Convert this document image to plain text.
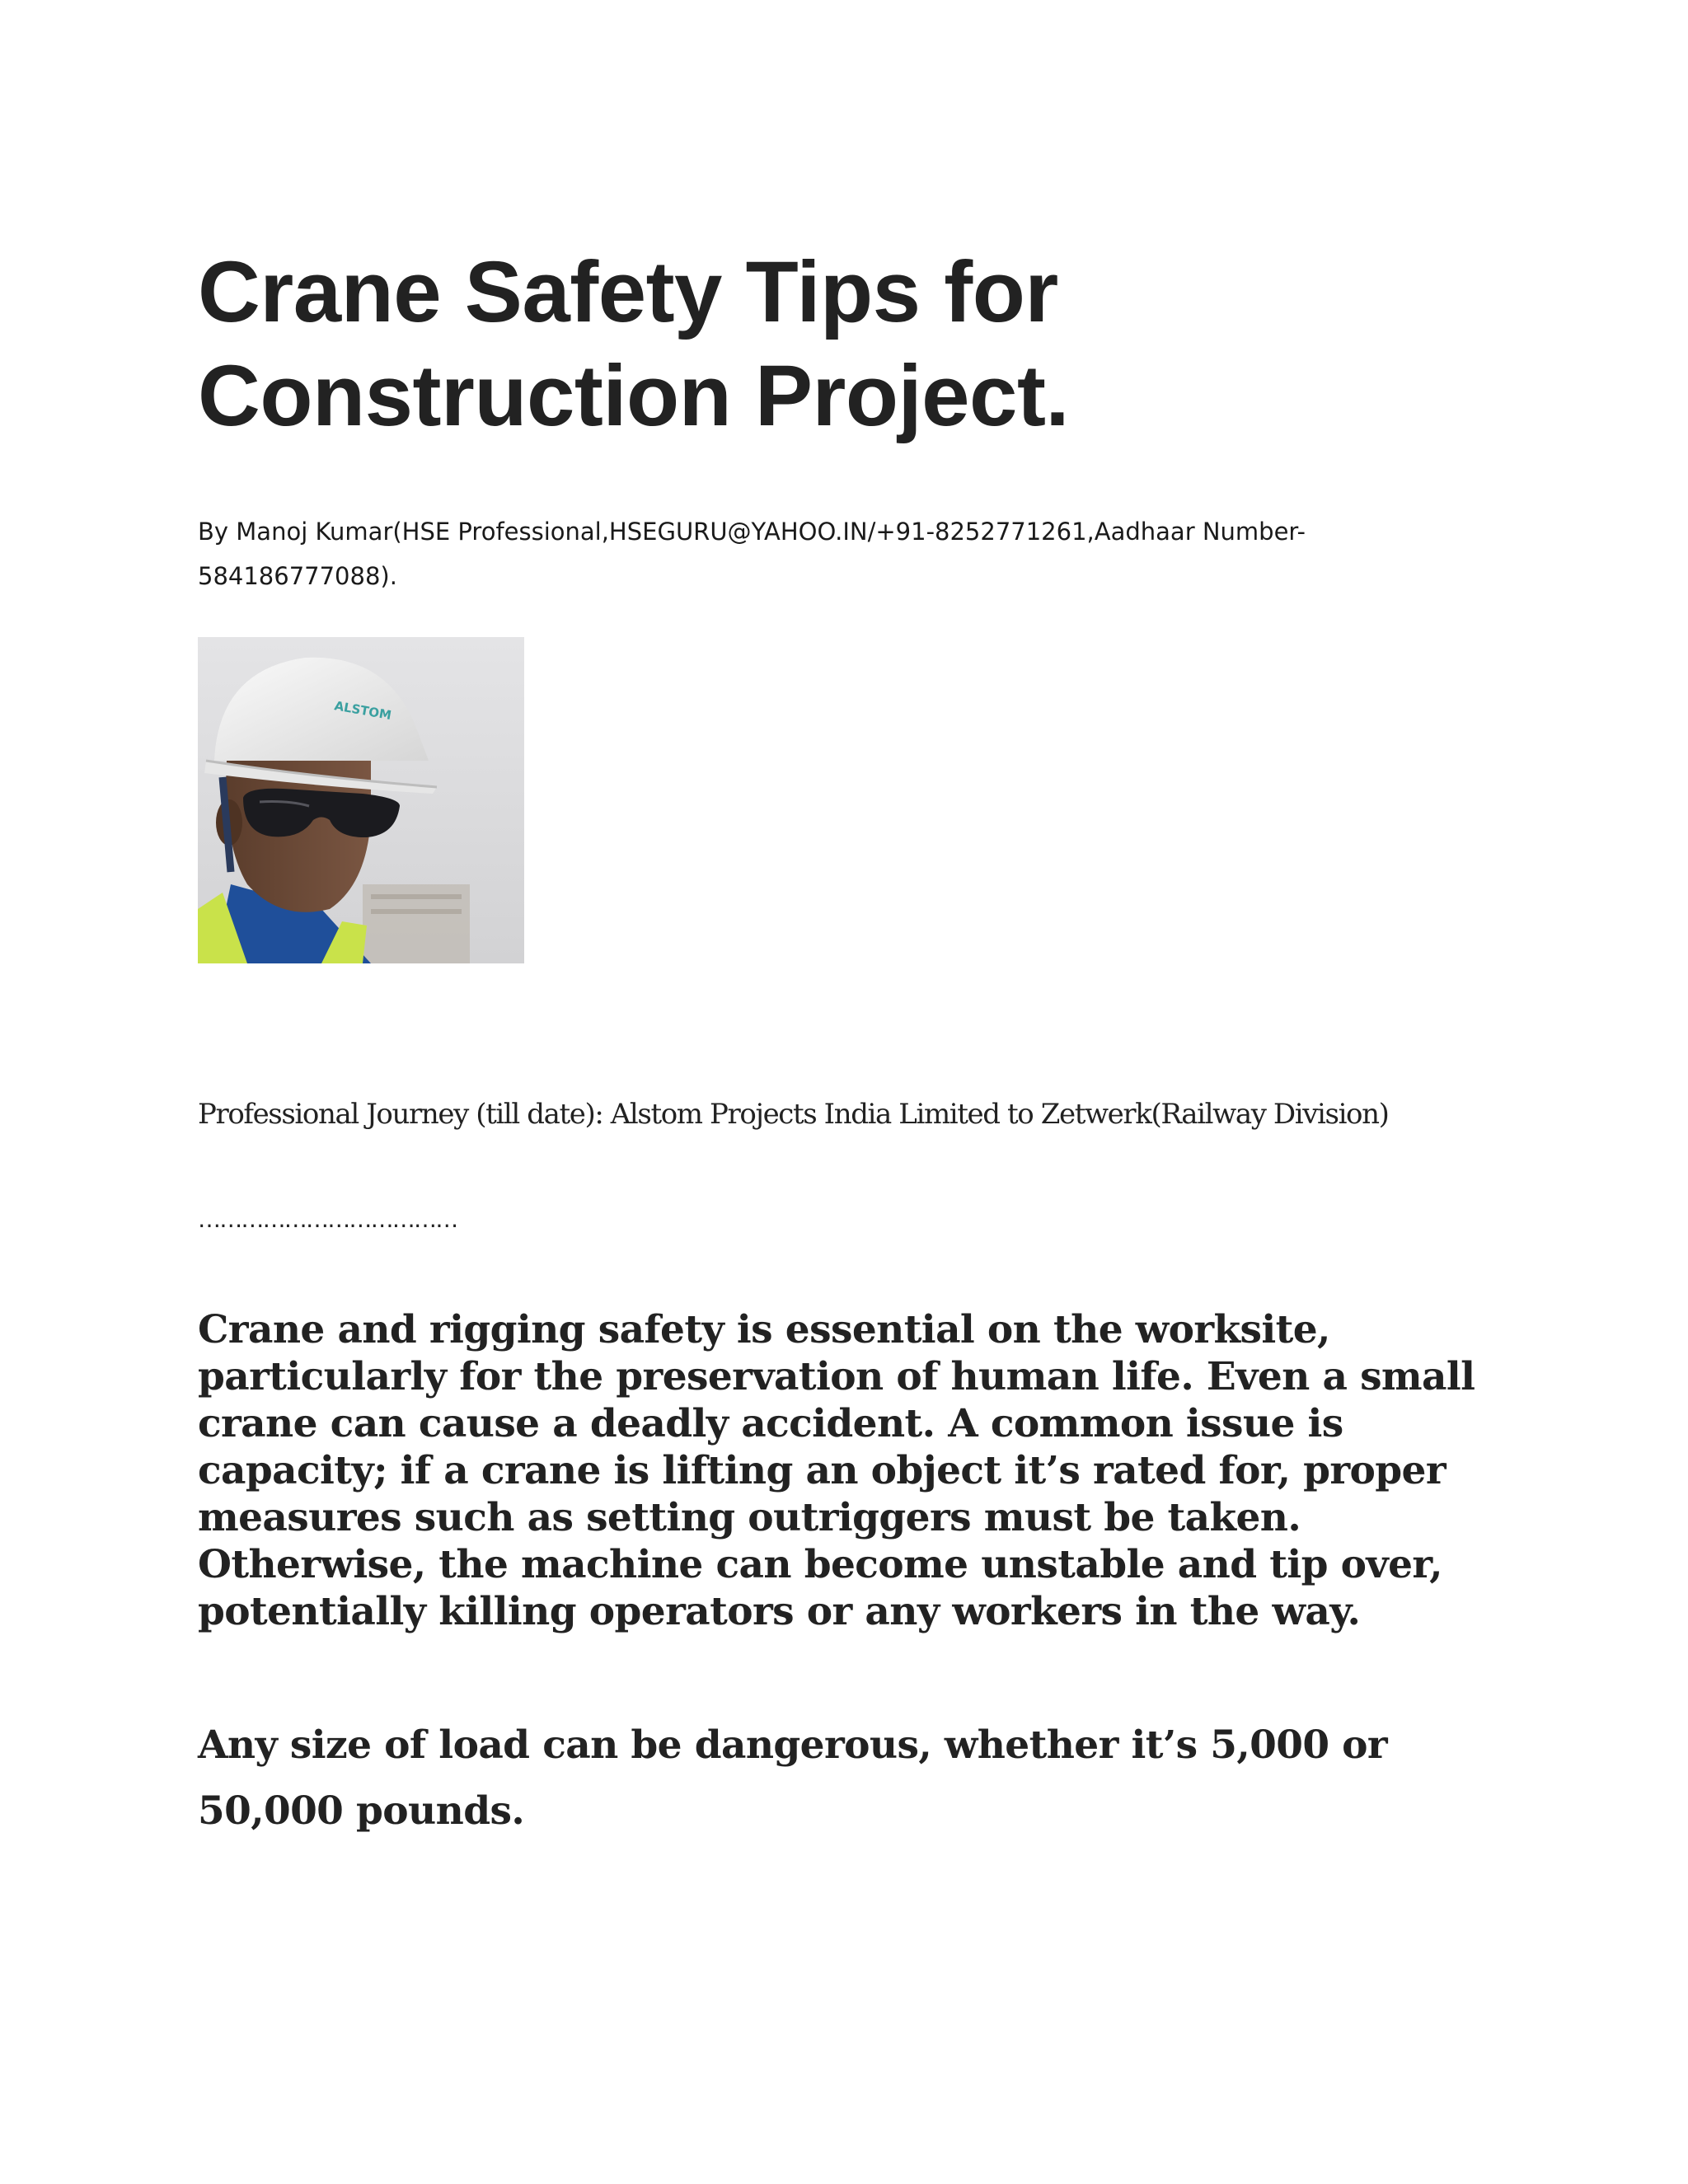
Crane Safety Tips for
Construction Project.

By Manoj Kumar(HSE Professional,HSEGURU@YAHOO.IN/+91-8252771261,Aadhaar Number-
584186777088).

ALSTOM

Professional Journey (till date): Alstom Projects India Limited to Zetwerk(Railway Division)

………………………………

Crane and rigging safety is essential on the worksite, particularly for the preservation of human life. Even a small crane can cause a deadly accident. A common issue is capacity; if a crane is lifting an object it’s rated for, proper measures such as setting outriggers must be taken. Otherwise, the machine can become unstable and tip over, potentially killing operators or any workers in the way.

Any size of load can be dangerous, whether it’s 5,000 or
50,000 pounds.
